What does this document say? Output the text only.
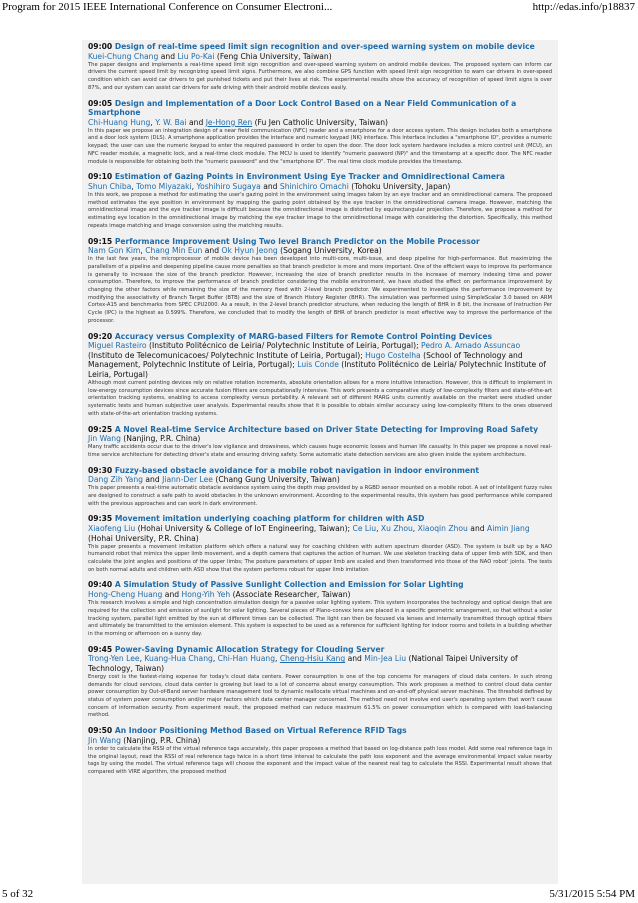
Program for 2015 IEEE International Conference on Consumer Electroni...	http://edas.info/p18837
09:00 Design of real-time speed limit sign recognition and over-speed warning system on mobile device
Kuei-Chung Chang and Liu Po-Kai (Feng Chia University, Taiwan)
The paper designs and implements a real-time speed limit sign recognition and over-speed warning system on android mobile devices. The proposed system can inform car drivers the current speed limit by recognizing speed limit signs. Furthermore, we also combine GPS function with speed limit sign recognition to warn car drivers in over-speed condition which can avoid car drivers to get punished tickets and put their lives at risk. The experimental results show the accuracy of recognition of speed limit signs is over 87%, and our system can assist car drivers for safe driving with their android mobile devices easily.
09:05 Design and Implementation of a Door Lock Control Based on a Near Field Communication of a Smartphone
Chi-Huang Hung, Y. W. Bai and Je-Hong Ren (Fu Jen Catholic University, Taiwan)
In this paper we propose an integration design of a near field communication (NFC) reader and a smartphone for a door access system. This design includes both a smartphone and a door lock system (DLS). A smartphone application provides the interface and numeric keypad (NK) interface. This interface includes a "smartphone ID", provides a numeric keypad; the user can use the numeric keypad to enter the required password in order to open the door. The door lock system hardware includes a micro control unit (MCU), an NFC reader module, a magnetic lock, and a real-time clock module. The MCU is used to identify "numeric password (NP)" and the timestamp at a specific door. The NFC reader module is responsible for obtaining both the "numeric password" and the "smartphone ID". The real time clock module provides the timestamp.
09:10 Estimation of Gazing Points in Environment Using Eye Tracker and Omnidirectional Camera
Shun Chiba, Tomo Miyazaki, Yoshihiro Sugaya and Shinichiro Omachi (Tohoku University, Japan)
In this work, we propose a method for estimating the user's gazing point in the environment using images taken by an eye tracker and an omnidirectional camera. The proposed method estimates the eye position in environment by mapping the gazing point obtained by the eye tracker in the omnidirectional camera image. However, matching the omnidirectional image and the eye tracker image is difficult because the omnidirectional image is distorted by equirectangular projection. Therefore, we propose a method for estimating eye location in the omnidirectional image by matching the eye tracker image to the omnidirectional image with considering the distortion. Specifically, this method repeats image matching and image conversion using the matching results.
09:15 Performance Improvement Using Two level Branch Predictor on the Mobile Processor
Nam Gon Kim, Chang Min Eun and Ok Hyun Jeong (Sogang University, Korea)
In the last few years, the microprocessor of mobile device has been developed into multi-core, multi-issue, and deep pipeline for high-performance. But maximizing the parallelism of a pipeline and deepening pipeline cause more penalties so that branch predictor is more and more important. One of the efficient ways to improve its performance is generally to increase the size of the branch predictor. However, increasing the size of branch predictor results in the increase of memory indexing time and power consumption. Therefore, to improve the performance of branch predictor considering the mobile environment, we have studied the effect on performance improvement by changing the other factors while remaining the size of the memory fixed with 2-level branch predictor. We experimented to investigate the performance improvement by modifying the associativity of Branch Target Buffer (BTB) and the size of Branch History Register (BHR). The simulation was performed using SimpleScalar 3.0 based on ARM Cortex-A15 and benchmarks from SPEC CPU2000. As a result, in the 2-level branch predictor structure, when reducing the length of BHR in 8 bit, the increase of Instruction Per Cycle (IPC) is the highest as 0.599%. Therefore, we concluded that to modify the length of BHR of branch predictor is most effective way to improve the performance of the processor.
09:20 Accuracy versus Complexity of MARG-based Filters for Remote Control Pointing Devices
Miguel Rasteiro (Instituto Politécnico de Leiria/ Polytechnic Institute of Leiria, Portugal); Pedro A. Amado Assuncao (Instituto de Telecomunicacoes/ Polytechnic Institute of Leiria, Portugal); Hugo Costelha (School of Technology and Management, Polytechnic Institute of Leiria, Portugal); Luis Conde (Instituto Politécnico de Leiria/ Polytechnic Institute of Leiria, Portugal)
Although most current pointing devices rely on relative rotation increments, absolute orientation allows for a more intuitive interaction. However, this is difficult to implement in low-energy consumption devices since accurate fusion filters are computationally intensive. This work presents a comparative study of low-complexity filters and state-of-the-art orientation tracking systems, enabling to access complexity versus portability. A relevant set of different MARG units currently available on the market were studied under systematic tests and human subjective user analysis. Experimental results show that it is possible to obtain similar accuracy using low-complexity filters to the ones observed with state-of-the-art orientation tracking systems.
09:25 A Novel Real-time Service Architecture based on Driver State Detecting for Improving Road Safety
Jin Wang (Nanjing, P.R. China)
Many traffic accidents occur due to the driver's low vigilance and drowsiness, which causes huge economic losses and human life casualty. In this paper we propose a novel real-time service architecture for detecting driver's state and ensuring driving safety. Some automatic state detection services are also given inside the system architecture.
09:30 Fuzzy-based obstacle avoidance for a mobile robot navigation in indoor environment
Dang Zih Yang and Jiann-Der Lee (Chang Gung University, Taiwan)
This paper presents a real-time automatic obstacle avoidance system using the depth map provided by a RGBD sensor mounted on a mobile robot. A set of intelligent fuzzy rules are designed to construct a safe path to avoid obstacles in the unknown environment. According to the experimental results, this system has good performance while compared with the previous approaches and can work in dark environment.
09:35 Movement imitation underlying coaching platform for children with ASD
Xiaofeng Liu (Hohai University & College of IoT Engineering, Taiwan); Ce Liu, Xu Zhou, Xiaoqin Zhou and Aimin Jiang (Hohai University, P.R. China)
This paper presents a movement imitation platform which offers a natural way for coaching children with autism spectrum disorder (ASD). The system is built up by a NAO humanoid robot that mimics the upper limb movement, and a depth camera that captures the action of human. We use skeleton tracking data of upper limb with SDK, and then calculate the joint angles and positions of the upper limbs; The posture parameters of upper limb are scaled and then transformed into those of the NAO robot' joints. The tests on both normal adults and children with ASD show that the system performs robust for upper limb imitation
09:40 A Simulation Study of Passive Sunlight Collection and Emission for Solar Lighting
Hong-Cheng Huang and Hong-Yih Yeh (Associate Researcher, Taiwan)
This research involves a simple and high concentration simulation design for a passive solar lighting system. This system incorporates the technology and optical design that are required for the collection and emission of sunlight for solar lighting. Several pieces of Plano-convex lens are placed in a specific geometric arrangement, so that without a solar tracking system, parallel light emitted by the sun at different times can be collected. The light can then be focused via lenses and internally transmitted through optical fibers and ultimately be transmitted to the emission element. This system is expected to be used as a reference for sufficient lighting for indoor rooms and toilets in a building whether in the morning or afternoon on a sunny day.
09:45 Power-Saving Dynamic Allocation Strategy for Clouding Server
Trong-Yen Lee, Kuang-Hua Chang, Chi-Han Huang, Cheng-Hsiu Kang and Min-Jea Liu (National Taipei University of Technology, Taiwan)
Energy cost is the fastest-rising expense for today's cloud data centers. Power consumption is one of the top concerns for managers of cloud data centers. In such strong demands for cloud services, cloud data center is growing but lead to a lot of concerns about energy consumption. This work proposes a method to control cloud data center power consumption by Out-of-Band server hardware management tool to dynamic reallocate virtual machines and on-and-off physical server machines. The threshold defined by status of system power consumption and/or major factors which data center manager concerned. The method need not involve end user's operating system that won't cause concern of information security. From experiment result, the proposed method can reduce maximum 61.5% on power consumption which is compared with load-balancing method.
09:50 An Indoor Positioning Method Based on Virtual Reference RFID Tags
Jin Wang (Nanjing, P.R. China)
In order to calculate the RSSI of the virtual reference tags accurately, this paper proposes a method that based on log-distance path loss model. Add some real reference tags in the original layout, read the RSSI of real reference tags twice in a short time interval to calculate the path loss exponent and the average environmental impact value nearby tags by using the model. The virtual reference tags will choose the exponent and the impact value of the nearest real tag to calculate the RSSI. Experimental result shows that compared with VIRE algorithm, the proposed method
5 of 32	5/31/2015 5:54 PM
